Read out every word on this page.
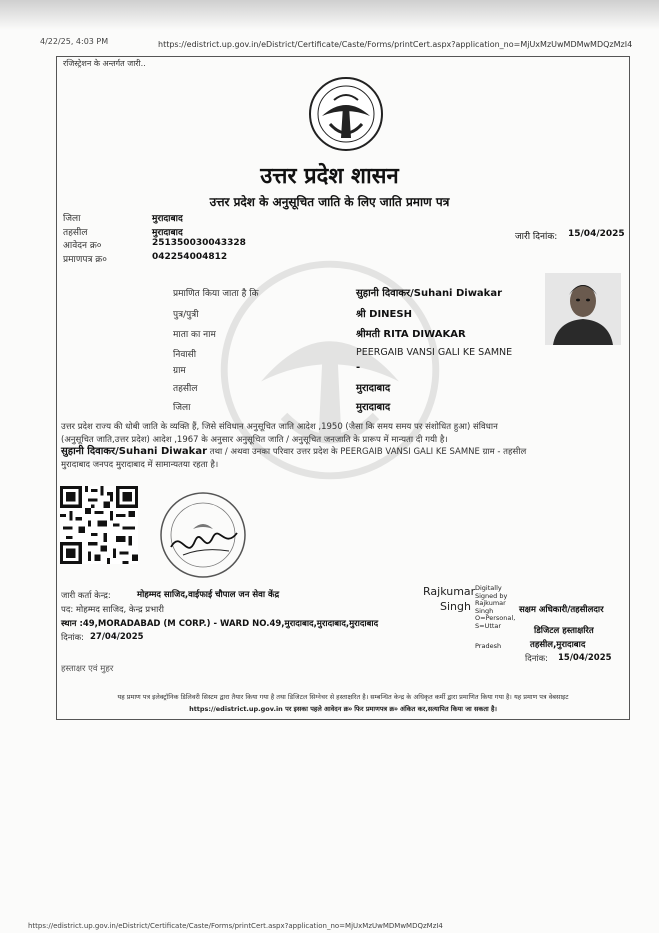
4/22/25, 4:03 PM	https://edistrict.up.gov.in/eDistrict/Certificate/Caste/Forms/printCert.aspx?application_no=MjUxMzUwMDMwMDQzMzI4
रजिस्ट्रेशन के अन्तर्गत जारी..
उत्तर प्रदेश शासन
उत्तर प्रदेश के अनुसूचित जाति के लिए जाति प्रमाण पत्र
जिला	मुरादाबाद
तहसील	मुरादाबाद
आवेदन क्र०	251350030043328
प्रमाणपत्र क्र०	042254004812
जारी दिनांक: 15/04/2025
प्रमाणित किया जाता है कि	सुहानी दिवाकर/Suhani Diwakar
पुत्र/पुत्री	श्री DINESH
माता का नाम	श्रीमती RITA DIWAKAR
निवासी	PEERGAIB VANSI GALI KE SAMNE
ग्राम	-
तहसील	मुरादाबाद
जिला	मुरादाबाद
उत्तर प्रदेश राज्य की धोबी जाति के व्यक्ति हैं, जिसे संविधान अनुसूचित जाति आदेश ,1950 (जैसा कि समय समय पर संशोधित हुआ) संविधान
(अनुसूचित जाति,उत्तर प्रदेश) आदेश ,1967 के अनुसार अनुसूचित जाति / अनुसूचित जनजाति के प्रारूप में मान्यता दी गयी है।
सुहानी दिवाकर/Suhani Diwakar तथा / अथवा उनका परिवार उत्तर प्रदेश के PEERGAIB VANSI GALI KE SAMNE ग्राम - तहसील
मुरादाबाद जनपद मुरादाबाद में सामान्यतया रहता है।
जारी कर्ता केन्द्र:	मोहम्मद साजिद,वाईफाई चौपाल जन सेवा केंद्र
पद: मोहम्मद साजिद, केन्द्र प्रभारी
स्थान :49,MORADABAD (M CORP.) - WARD NO.49,मुरादाबाद,मुरादाबाद,मुरादाबाद
दिनांक: 27/04/2025
Rajkumar
Singh
Digitally
Signed by
Rajkumar
Singh
O=Personal,
S=Uttar
Pradesh
सक्षम अधिकारी/तहसीलदार
डिजिटल हस्ताक्षरित
तहसील,मुरादाबाद
दिनांक: 15/04/2025
हस्ताक्षर एवं मुहर
यह प्रमाण पत्र इलेक्ट्रॉनिक डिलिवरी सिस्टम द्वारा तैयार किया गया है तथा डिजिटल सिग्नेचर से हस्ताक्षरित है। सम्बन्धित केन्द्र के अधिकृत कर्मी द्वारा प्रमाणित किया गया है। यह प्रमाण पत्र वेबसाइट
https://edistrict.up.gov.in पर इसका पहले आवेदन क्र० फिर प्रमाणपत्र क्र० अंकित कर,सत्यापित किया जा सकता है।
https://edistrict.up.gov.in/eDistrict/Certificate/Caste/Forms/printCert.aspx?application_no=MjUxMzUwMDMwMDQzMzI4
